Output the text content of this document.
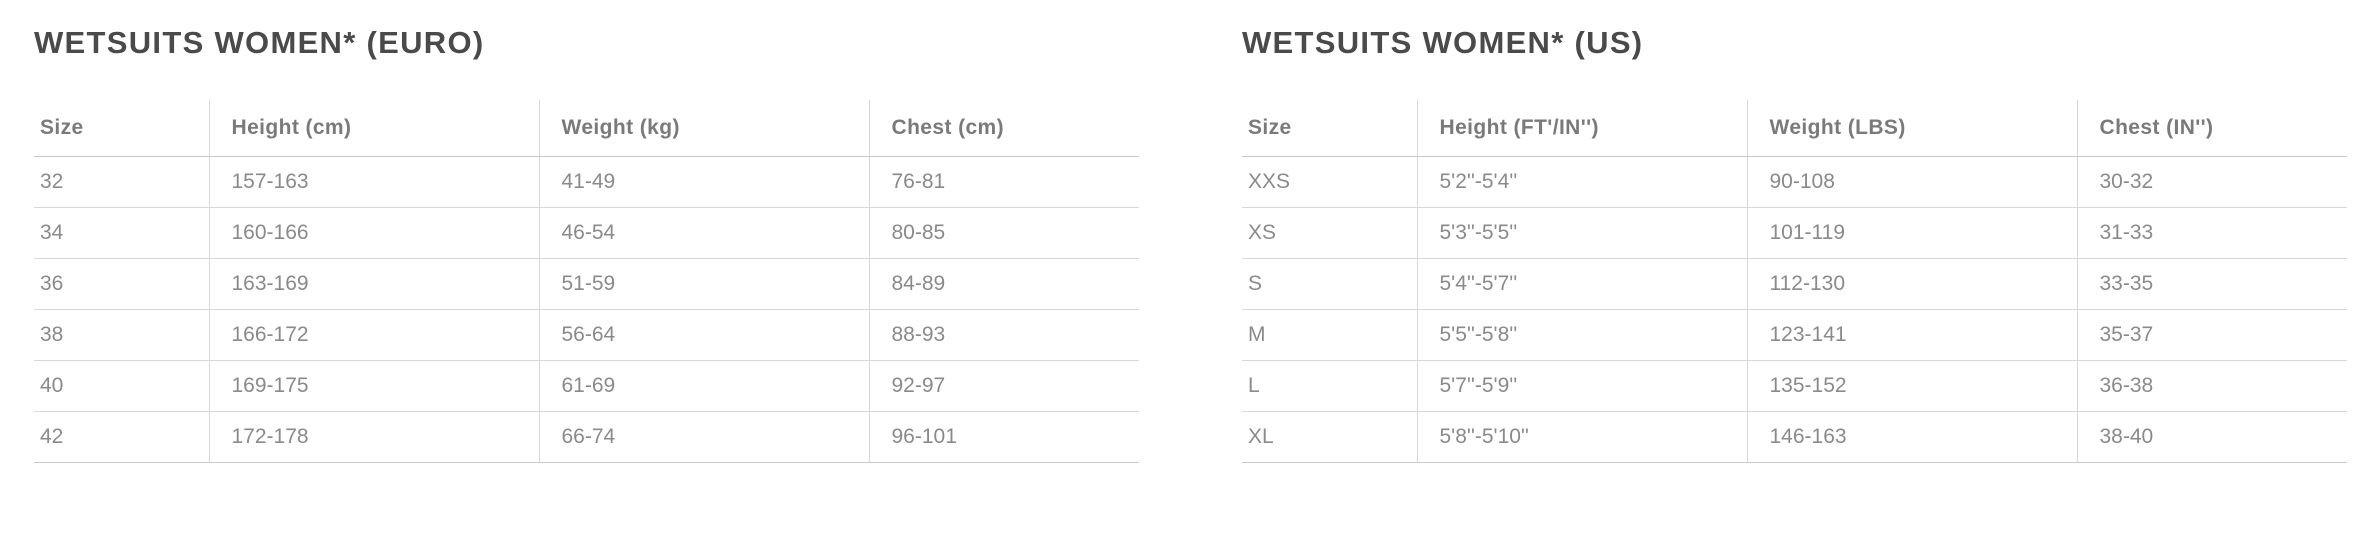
WETSUITS WOMEN* (EURO)
Size	Height (cm)	Weight (kg)	Chest (cm)
32	157-163	41-49	76-81
34	160-166	46-54	80-85
36	163-169	51-59	84-89
38	166-172	56-64	88-93
40	169-175	61-69	92-97
42	172-178	66-74	96-101
WETSUITS WOMEN* (US)
Size	Height (FT'/IN'')	Weight (LBS)	Chest (IN'')
XXS	5'2''-5'4''	90-108	30-32
XS	5'3''-5'5''	101-119	31-33
S	5'4''-5'7''	112-130	33-35
M	5'5''-5'8''	123-141	35-37
L	5'7''-5'9''	135-152	36-38
XL	5'8''-5'10''	146-163	38-40
